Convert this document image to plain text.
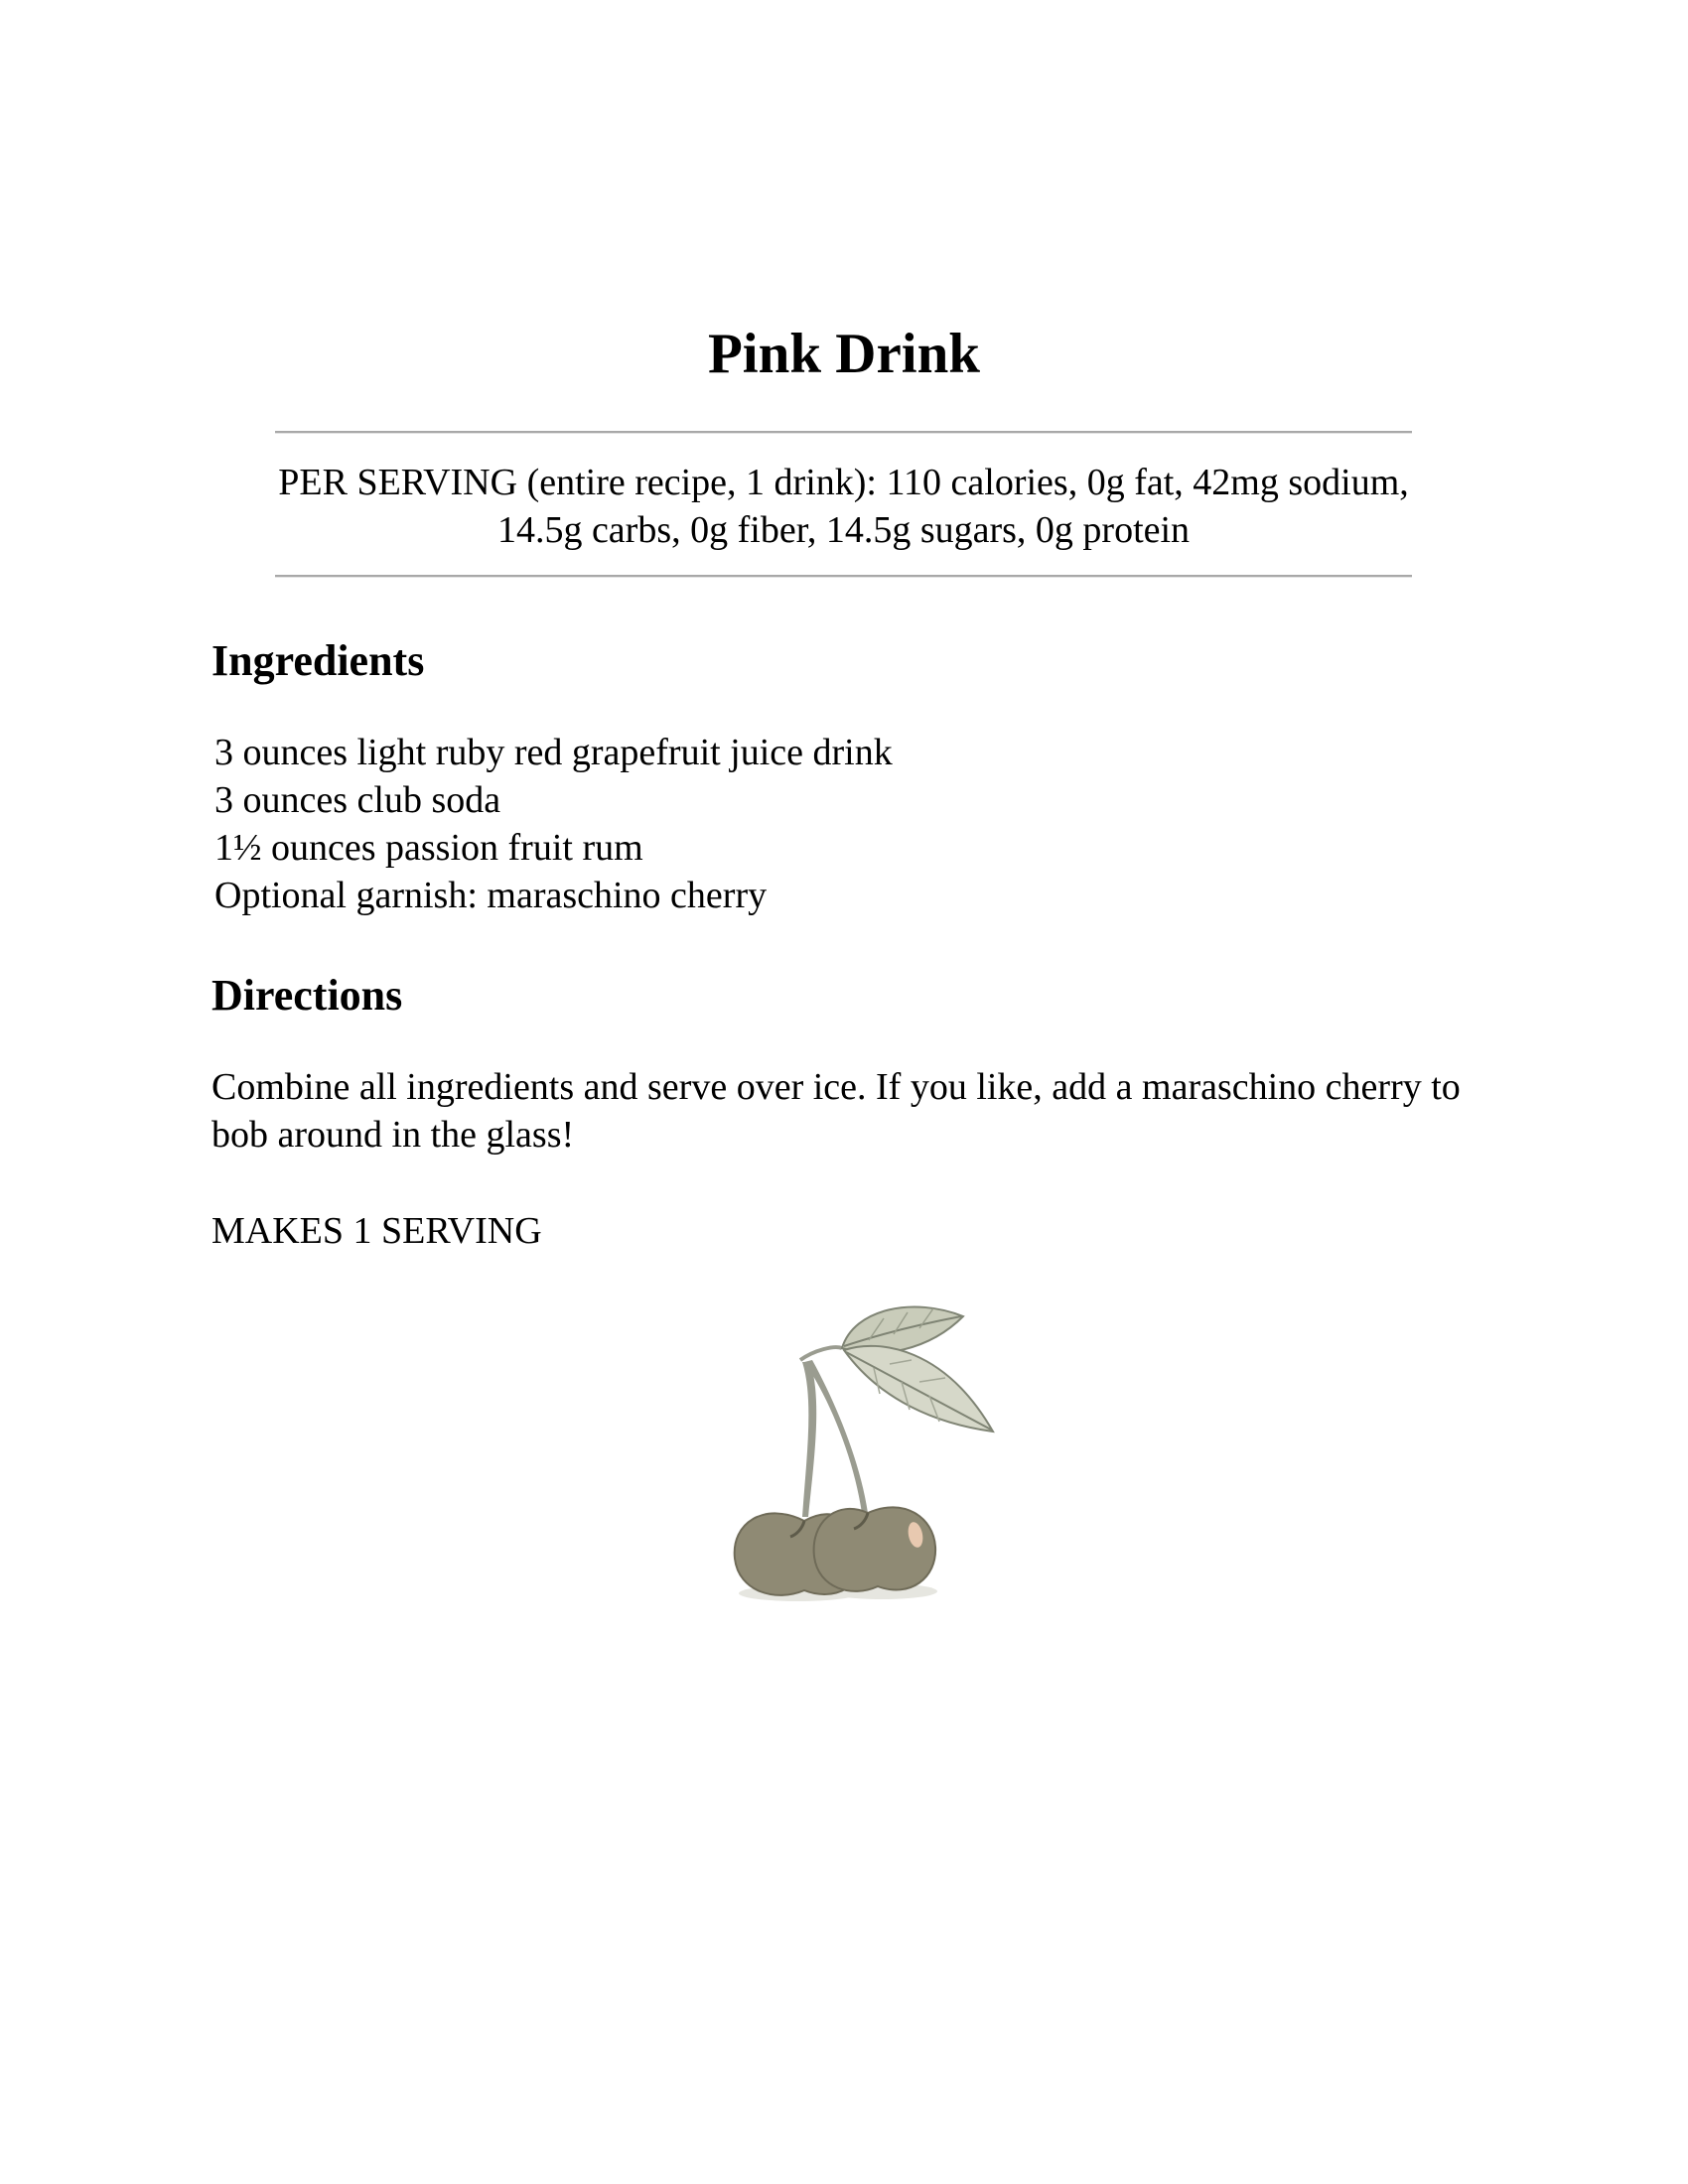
Pink Drink

PER SERVING (entire recipe, 1 drink): 110 calories, 0g fat, 42mg sodium, 14.5g carbs, 0g fiber, 14.5g sugars, 0g protein

Ingredients
3 ounces light ruby red grapefruit juice drink
3 ounces club soda
1½ ounces passion fruit rum
Optional garnish: maraschino cherry
Directions

Combine all ingredients and serve over ice. If you like, add a maraschino cherry to bob around in the glass!

MAKES 1 SERVING
